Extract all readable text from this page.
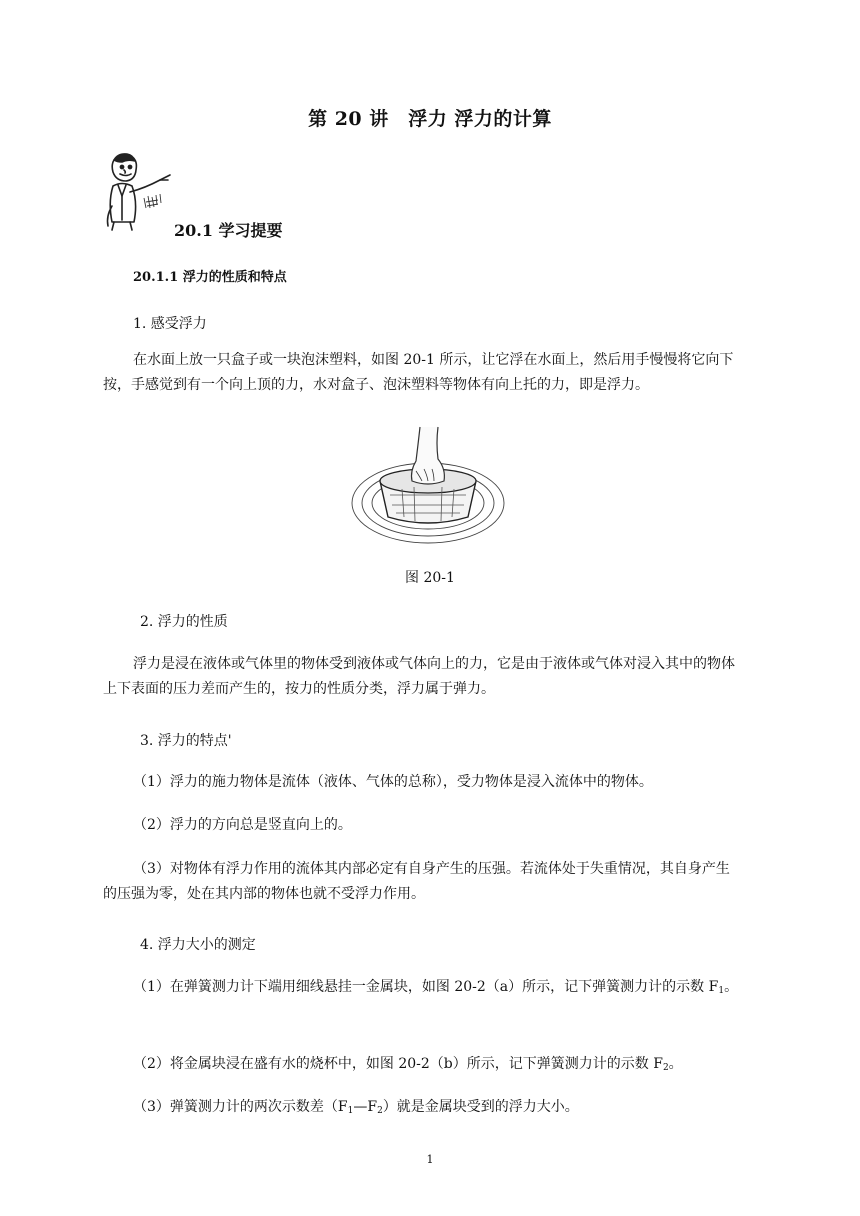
第 20 讲　浮力 浮力的计算
20.1 学习提要
20.1.1 浮力的性质和特点
1. 感受浮力
在水面上放一只盒子或一块泡沫塑料，如图 20-1 所示，让它浮在水面上，然后用手慢慢将它向下按，手感觉到有一个向上顶的力，水对盒子、泡沫塑料等物体有向上托的力，即是浮力。
图 20-1
2. 浮力的性质
浮力是浸在液体或气体里的物体受到液体或气体向上的力，它是由于液体或气体对浸入其中的物体上下表面的压力差而产生的，按力的性质分类，浮力属于弹力。
3. 浮力的特点'
（1）浮力的施力物体是流体（液体、气体的总称），受力物体是浸入流体中的物体。
（2）浮力的方向总是竖直向上的。
（3）对物体有浮力作用的流体其内部必定有自身产生的压强。若流体处于失重情况，其自身产生的压强为零，处在其内部的物体也就不受浮力作用。
4. 浮力大小的测定
（1）在弹簧测力计下端用细线悬挂一金属块，如图 20-2（a）所示，记下弹簧测力计的示数 $F_1$。
（2）将金属块浸在盛有水的烧杯中，如图 20-2（b）所示，记下弹簧测力计的示数 $F_2$。
（3）弹簧测力计的两次示数差$(F_1—F_2)$就是金属块受到的浮力大小。
1
